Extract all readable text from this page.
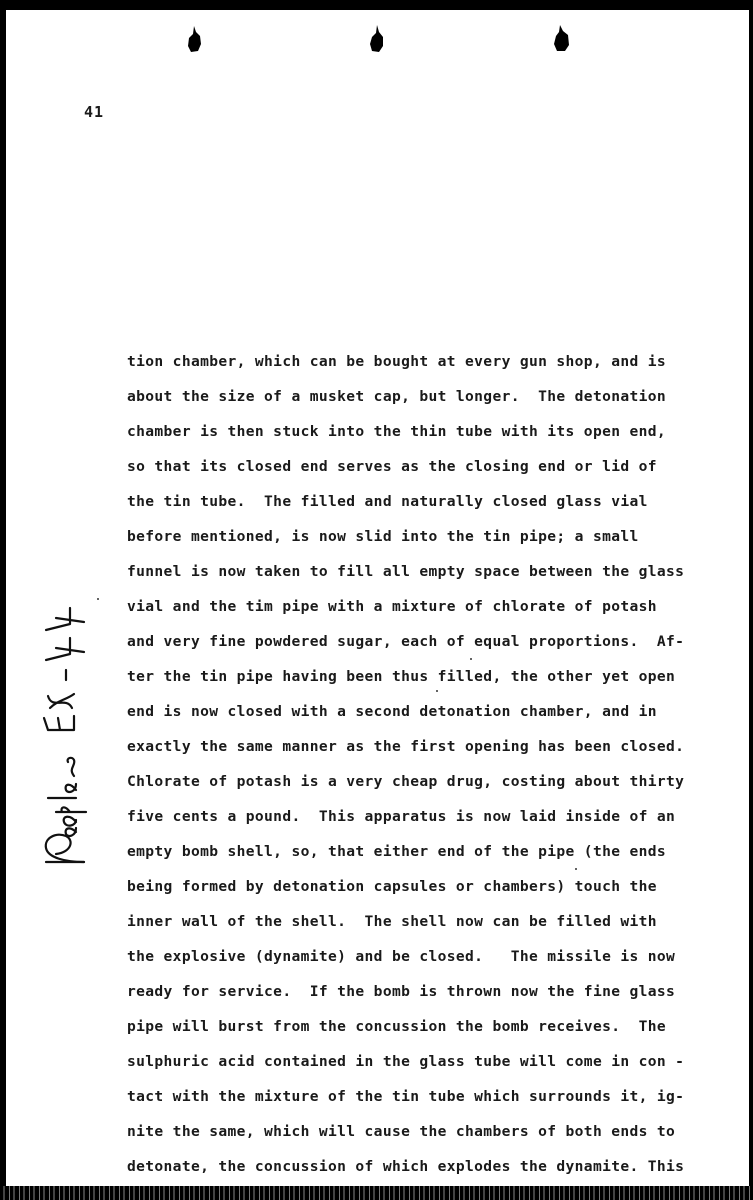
41
tion chamber, which can be bought at every gun shop, and is
about the size of a musket cap, but longer.  The detonation
chamber is then stuck into the thin tube with its open end,
so that its closed end serves as the closing end or lid of
the tin tube.  The filled and naturally closed glass vial
before mentioned, is now slid into the tin pipe; a small
funnel is now taken to fill all empty space between the glass
vial and the tim pipe with a mixture of chlorate of potash
and very fine powdered sugar, each of equal proportions.  Af-
ter the tin pipe having been thus filled, the other yet open
end is now closed with a second detonation chamber, and in
exactly the same manner as the first opening has been closed.
Chlorate of potash is a very cheap drug, costing about thirty
five cents a pound.  This apparatus is now laid inside of an
empty bomb shell, so, that either end of the pipe (the ends
being formed by detonation capsules or chambers) touch the
inner wall of the shell.  The shell now can be filled with
the explosive (dynamite) and be closed.   The missile is now
ready for service.  If the bomb is thrown now the fine glass
pipe will burst from the concussion the bomb receives.  The
sulphuric acid contained in the glass tube will come in con -
tact with the mixture of the tin tube which surrounds it, ig-
nite the same, which will cause the chambers of both ends to
detonate, the concussion of which explodes the dynamite. This
